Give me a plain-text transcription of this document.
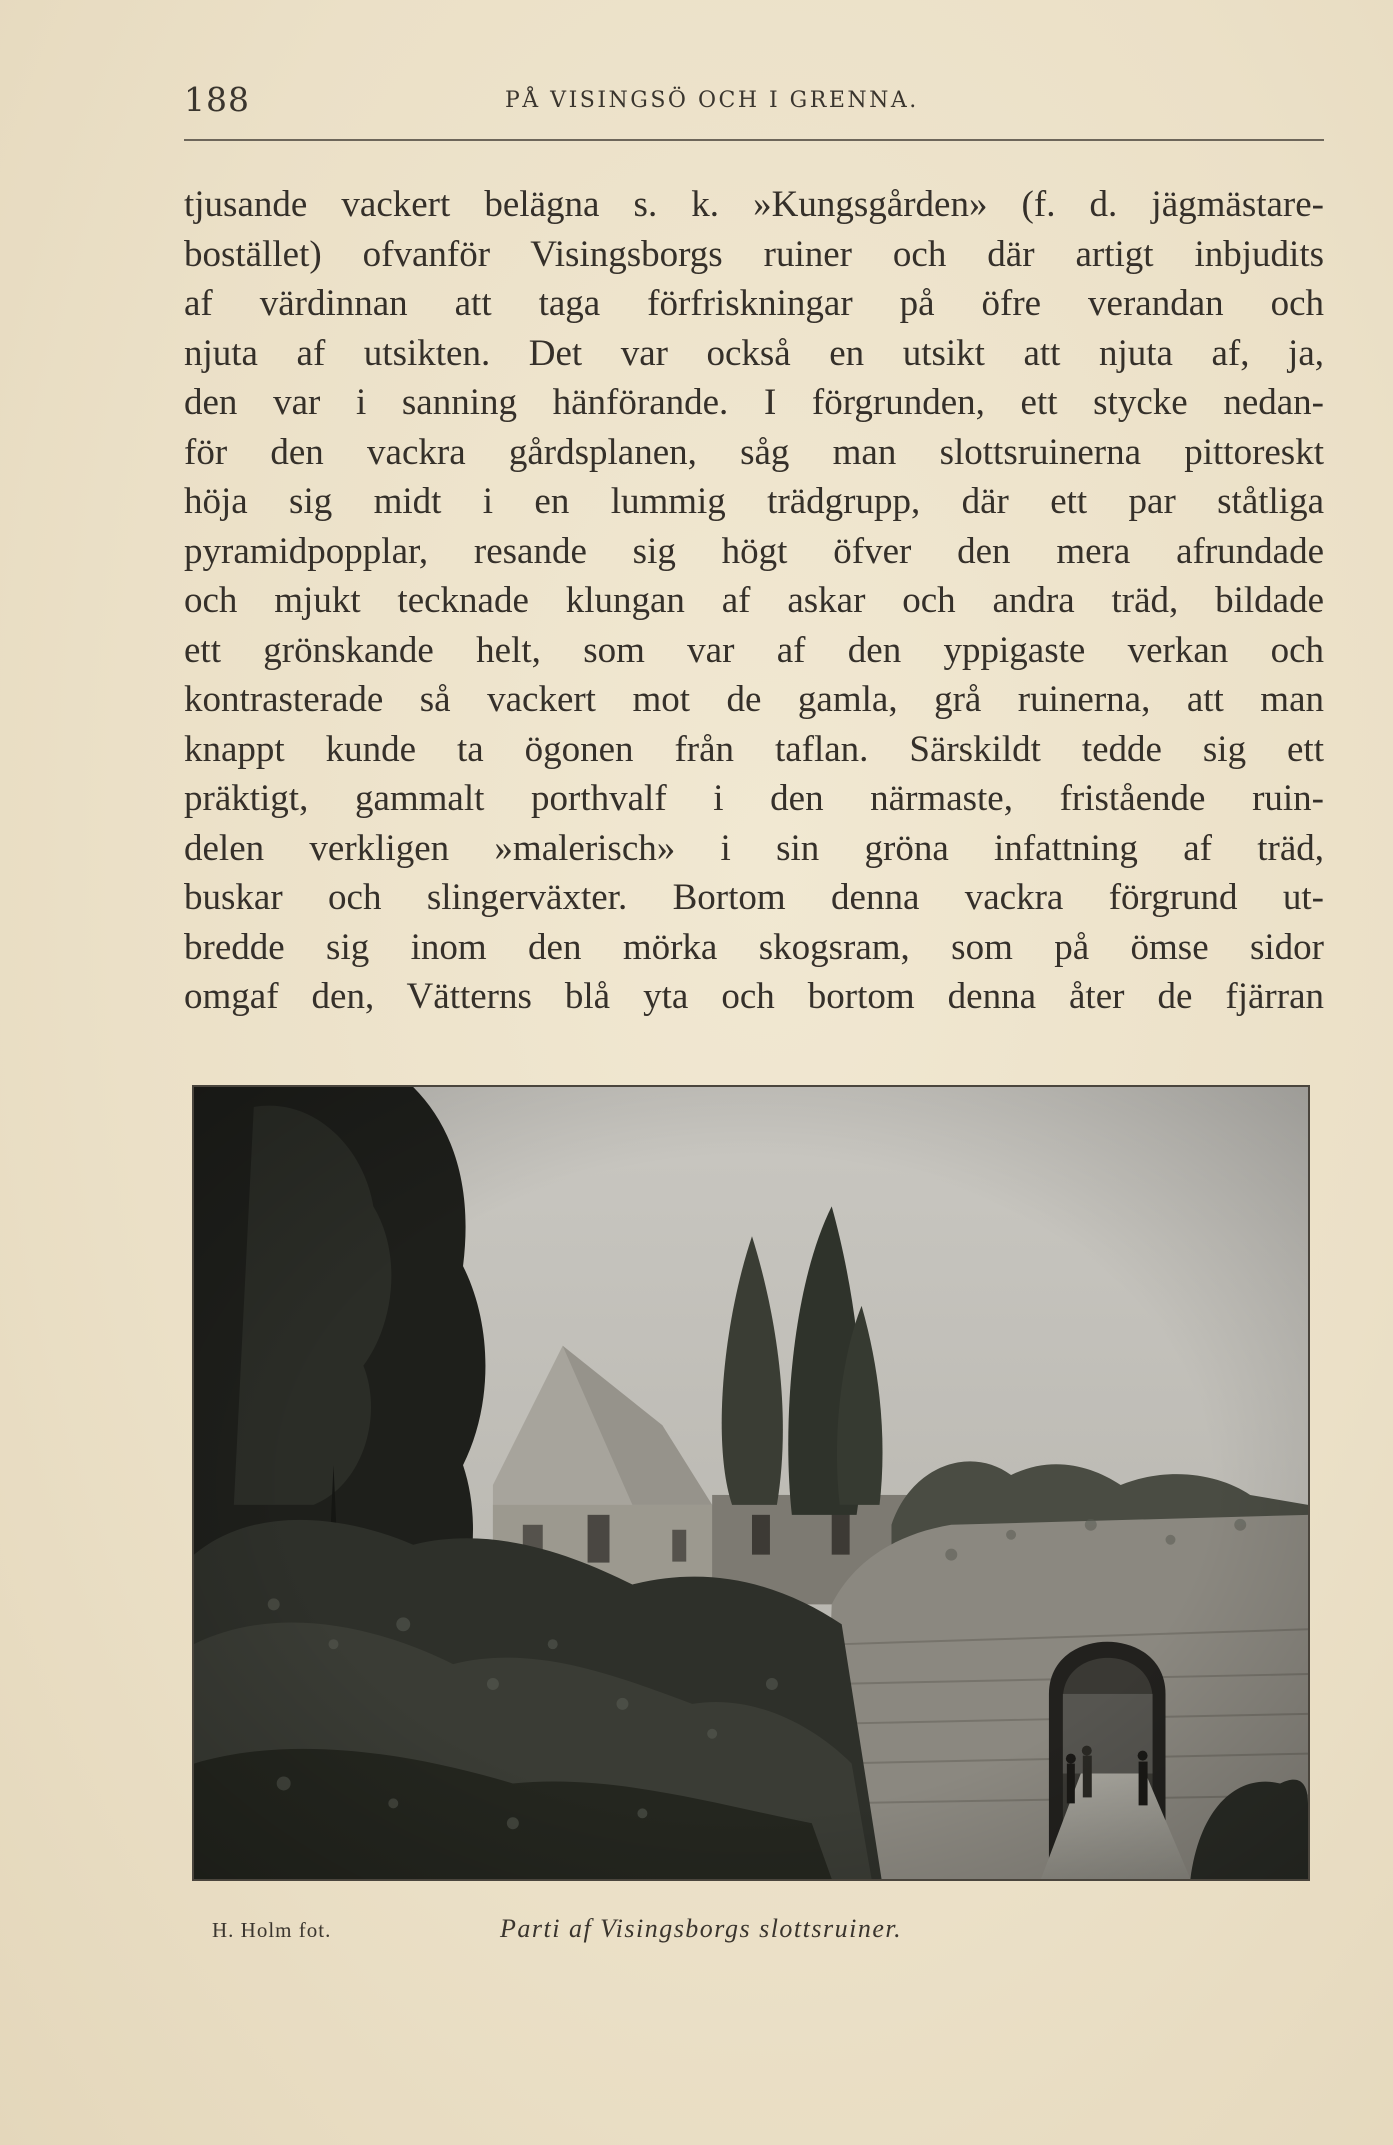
188	PÅ VISINGSÖ OCH I GRENNA.
tjusande vackert belägna s. k. »Kungsgården» (f. d. jägmästare-
bostället) ofvanför Visingsborgs ruiner och där artigt inbjudits
af värdinnan att taga förfriskningar på öfre verandan och
njuta af utsikten. Det var också en utsikt att njuta af, ja,
den var i sanning hänförande. I förgrunden, ett stycke nedan-
för den vackra gårdsplanen, såg man slottsruinerna pittoreskt
höja sig midt i en lummig trädgrupp, där ett par ståtliga
pyramidpopplar, resande sig högt öfver den mera afrundade
och mjukt tecknade klungan af askar och andra träd, bildade
ett grönskande helt, som var af den yppigaste verkan och
kontrasterade så vackert mot de gamla, grå ruinerna, att man
knappt kunde ta ögonen från taflan. Särskildt tedde sig ett
präktigt, gammalt porthvalf i den närmaste, fristående ruin-
delen verkligen »malerisch» i sin gröna infattning af träd,
buskar och slingerväxter. Bortom denna vackra förgrund ut-
bredde sig inom den mörka skogsram, som på ömse sidor
omgaf den, Vätterns blå yta och bortom denna åter de fjärran
H. Holm fot.	Parti af Visingsborgs slottsruiner.
